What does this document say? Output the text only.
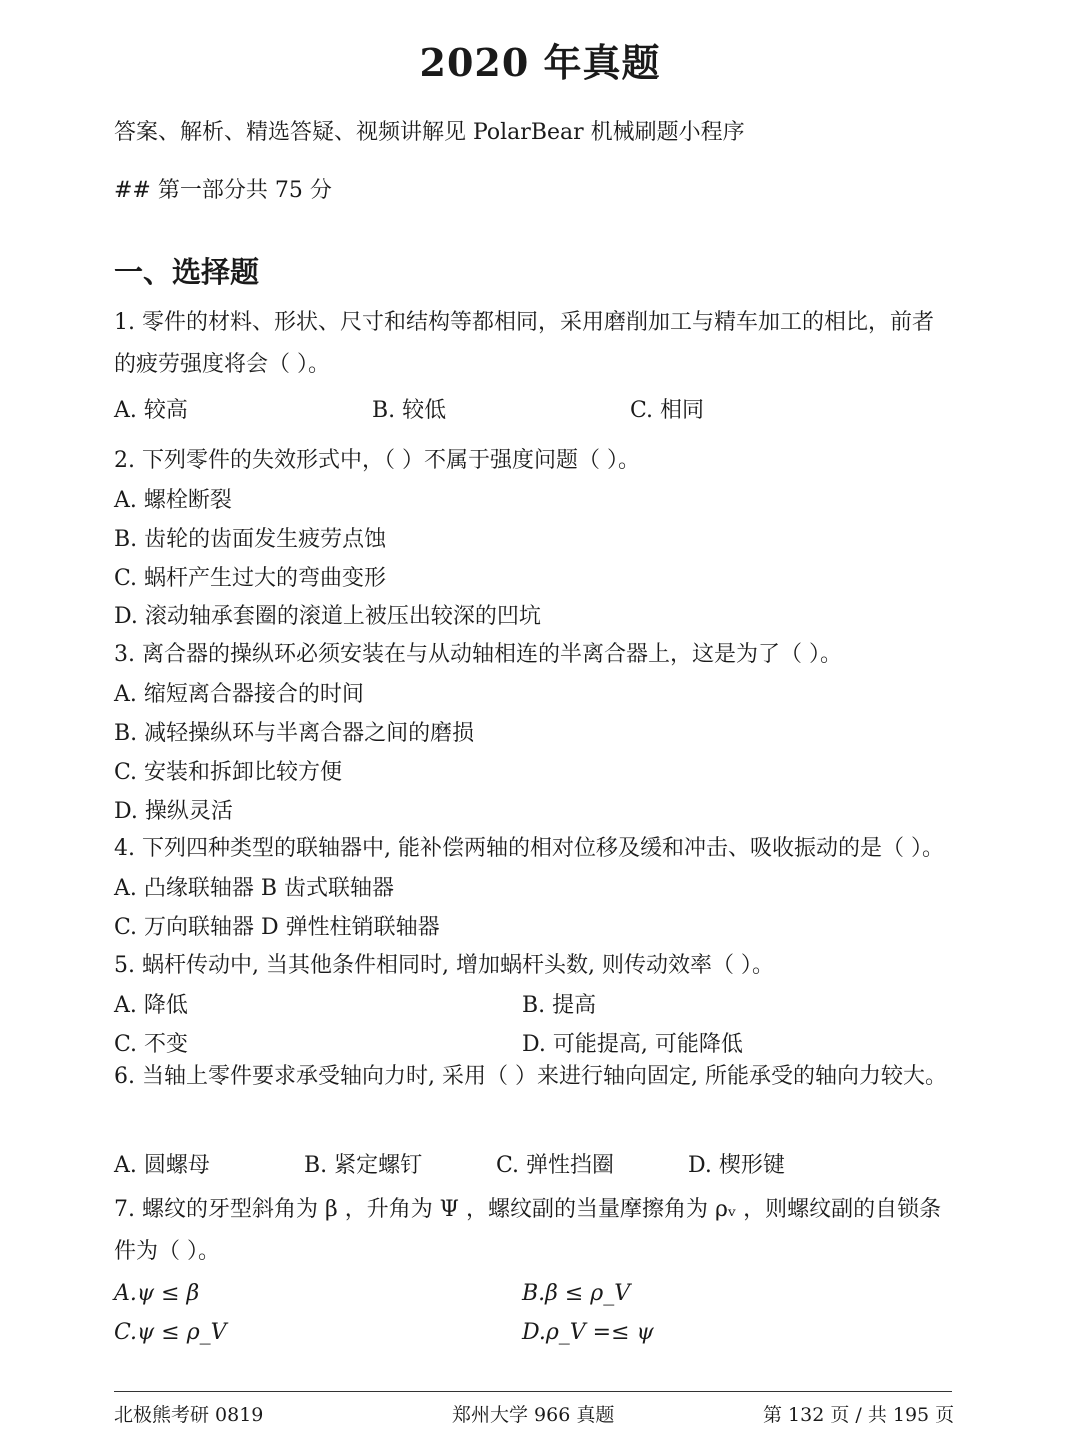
2020 年真题
答案、解析、精选答疑、视频讲解见 PolarBear 机械刷题小程序
## 第一部分共 75 分
一、选择题
1. 零件的材料、形状、尺寸和结构等都相同，采用磨削加工与精车加工的相比，前者的疲劳强度将会（ ）。
A. 较高	B. 较低	C. 相同
2. 下列零件的失效形式中，（ ）不属于强度问题（ ）。
A. 螺栓断裂
B. 齿轮的齿面发生疲劳点蚀
C. 蜗杆产生过大的弯曲变形
D. 滚动轴承套圈的滚道上被压出较深的凹坑
3. 离合器的操纵环必须安装在与从动轴相连的半离合器上，这是为了（ ）。
A. 缩短离合器接合的时间
B. 减轻操纵环与半离合器之间的磨损
C. 安装和拆卸比较方便
D. 操纵灵活
4. 下列四种类型的联轴器中, 能补偿两轴的相对位移及缓和冲击、吸收振动的是（ ）。
A. 凸缘联轴器 B 齿式联轴器
C. 万向联轴器 D 弹性柱销联轴器
5. 蜗杆传动中, 当其他条件相同时, 增加蜗杆头数, 则传动效率（ ）。
A. 降低	B. 提高
C. 不变	D. 可能提高, 可能降低
6. 当轴上零件要求承受轴向力时, 采用（ ）来进行轴向固定, 所能承受的轴向力较大。
A. 圆螺母	B. 紧定螺钉	C. 弹性挡圈	D. 楔形键
7. 螺纹的牙型斜角为 β ，升角为 Ψ ，螺纹副的当量摩擦角为 ρᵥ ，则螺纹副的自锁条件为（ ）。
A.ψ ≤ β	B.β ≤ ρ_V
C.ψ ≤ ρ_V	D.ρ_V =≤ ψ
北极熊考研 0819	郑州大学 966 真题	第 132 页 / 共 195 页
